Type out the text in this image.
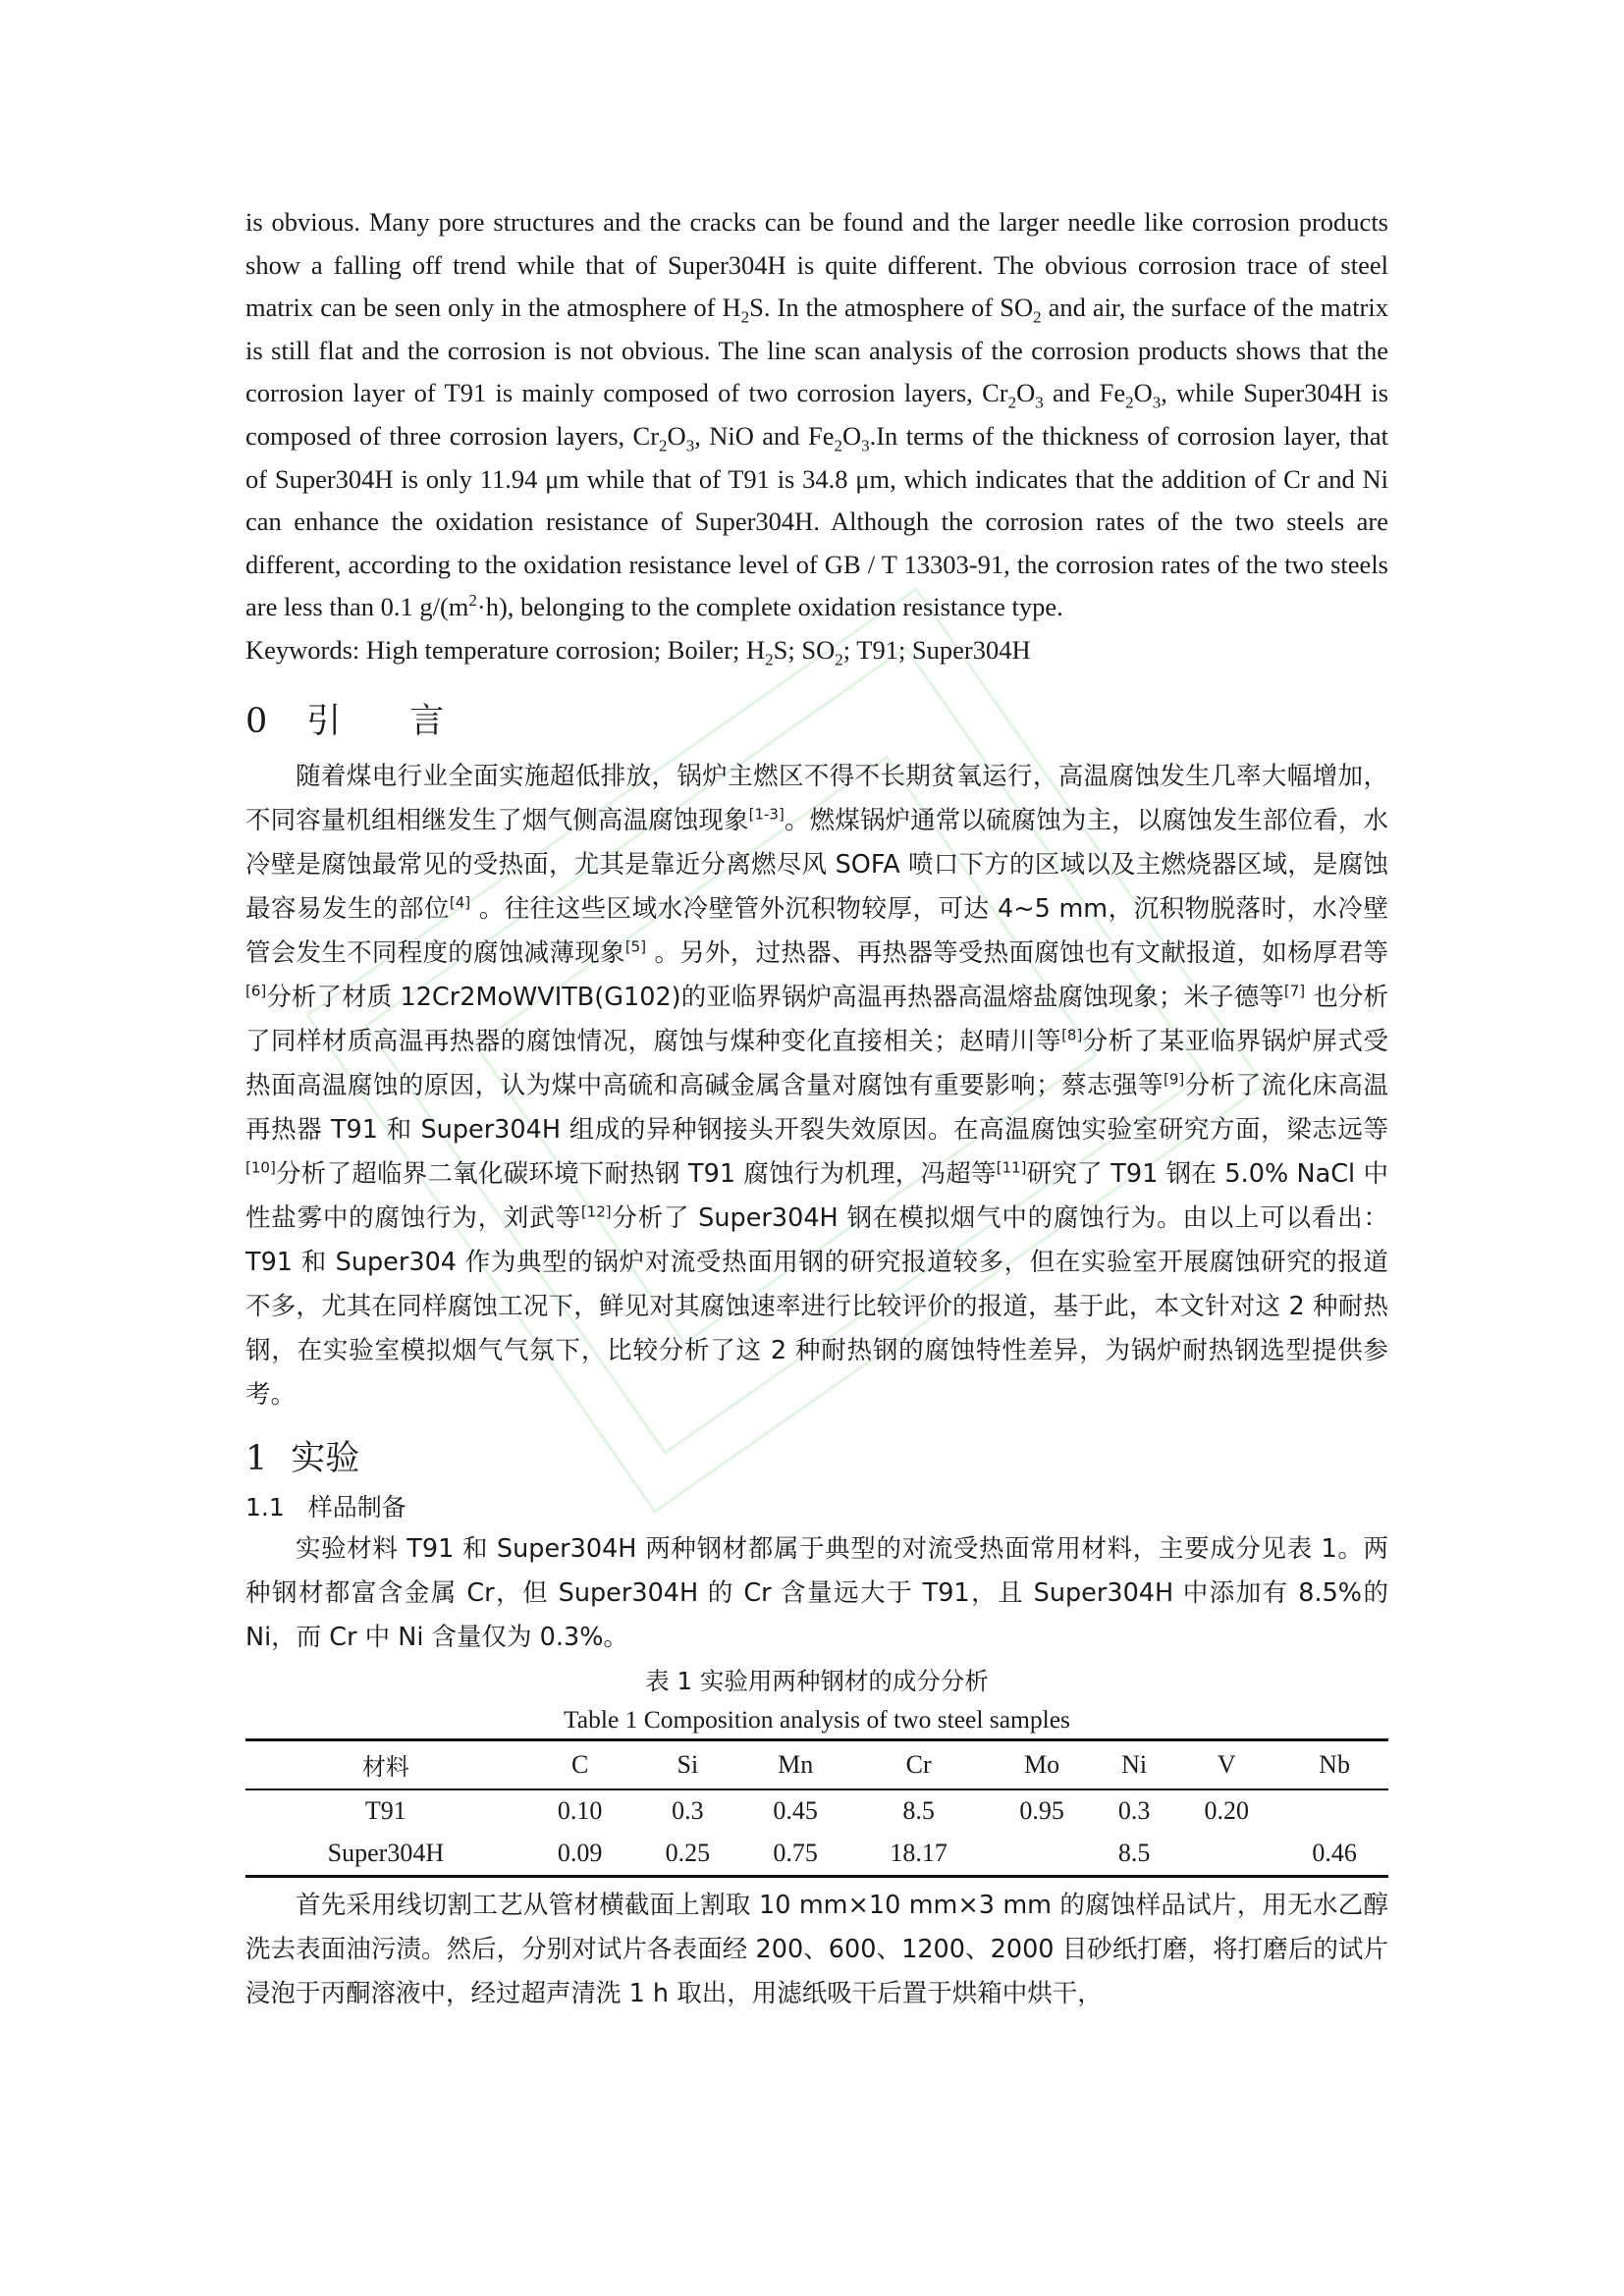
is obvious. Many pore structures and the cracks can be found and the larger needle like corrosion products show a falling off trend while that of Super304H is quite different. The obvious corrosion trace of steel matrix can be seen only in the atmosphere of $H_2S$. In the atmosphere of $SO_2$ and air, the surface of the matrix is still flat and the corrosion is not obvious. The line scan analysis of the corrosion products shows that the corrosion layer of T91 is mainly composed of two corrosion layers, $Cr_2O_3$ and $Fe_2O_3$, while Super304H is composed of three corrosion layers, $Cr_2O_3$, NiO and $Fe_2O_3.In$ terms of the thickness of corrosion layer, that of Super304H is only 11.94 μm while that of T91 is 34.8 μm, which indicates that the addition of Cr and Ni can enhance the oxidation resistance of Super304H. Although the corrosion rates of the two steels are different, according to the oxidation resistance level of GB / T 13303-91, the corrosion rates of the two steels are less than 0.1 $g/(m^2\cdot h)$, belonging to the complete oxidation resistance type.

Keywords: High temperature corrosion; Boiler; $H_2S$; $SO_2$; T91; Super304H

0 引 言

随着煤电行业全面实施超低排放，锅炉主燃区不得不长期贫氧运行，高温腐蚀发生几率大幅增加，不同容量机组相继发生了烟气侧高温腐蚀现象[1-3]。燃煤锅炉通常以硫腐蚀为主，以腐蚀发生部位看，水冷壁是腐蚀最常见的受热面，尤其是靠近分离燃尽风 SOFA 喷口下方的区域以及主燃烧器区域，是腐蚀最容易发生的部位[4] 。往往这些区域水冷壁管外沉积物较厚，可达 4~5 mm，沉积物脱落时，水冷壁管会发生不同程度的腐蚀减薄现象[5] 。另外，过热器、再热器等受热面腐蚀也有文献报道，如杨厚君等[6]分析了材质 12Cr2MoWVITB(G102)的亚临界锅炉高温再热器高温熔盐腐蚀现象；米子德等[7] 也分析了同样材质高温再热器的腐蚀情况，腐蚀与煤种变化直接相关；赵晴川等[8]分析了某亚临界锅炉屏式受热面高温腐蚀的原因，认为煤中高硫和高碱金属含量对腐蚀有重要影响；蔡志强等[9]分析了流化床高温再热器 T91 和 Super304H 组成的异种钢接头开裂失效原因。在高温腐蚀实验室研究方面，梁志远等[10]分析了超临界二氧化碳环境下耐热钢 T91 腐蚀行为机理，冯超等[11]研究了 T91 钢在 5.0% NaCl 中性盐雾中的腐蚀行为，刘武等[12]分析了 Super304H 钢在模拟烟气中的腐蚀行为。由以上可以看出：T91 和 Super304 作为典型的锅炉对流受热面用钢的研究报道较多，但在实验室开展腐蚀研究的报道不多，尤其在同样腐蚀工况下，鲜见对其腐蚀速率进行比较评价的报道，基于此，本文针对这 2 种耐热钢，在实验室模拟烟气气氛下，比较分析了这 2 种耐热钢的腐蚀特性差异，为锅炉耐热钢选型提供参考。

1 实验
1.1 样品制备

实验材料 T91 和 Super304H 两种钢材都属于典型的对流受热面常用材料，主要成分见表 1。两种钢材都富含金属 Cr，但 Super304H 的 Cr 含量远大于 T91，且 Super304H 中添加有 8.5%的 Ni，而 Cr 中 Ni 含量仅为 0.3%。

表 1 实验用两种钢材的成分分析

Table 1 Composition analysis of two steel samples

材料	C	Si	Mn	Cr	Mo	Ni	V	Nb
T91	0.10	0.3	0.45	8.5	0.95	0.3	0.20	
Super304H	0.09	0.25	0.75	18.17		8.5		0.46

首先采用线切割工艺从管材横截面上割取 10 mm×10 mm×3 mm 的腐蚀样品试片，用无水乙醇洗去表面油污渍。然后，分别对试片各表面经 200、600、1200、2000 目砂纸打磨，将打磨后的试片浸泡于丙酮溶液中，经过超声清洗 1 h 取出，用滤纸吸干后置于烘箱中烘干，
